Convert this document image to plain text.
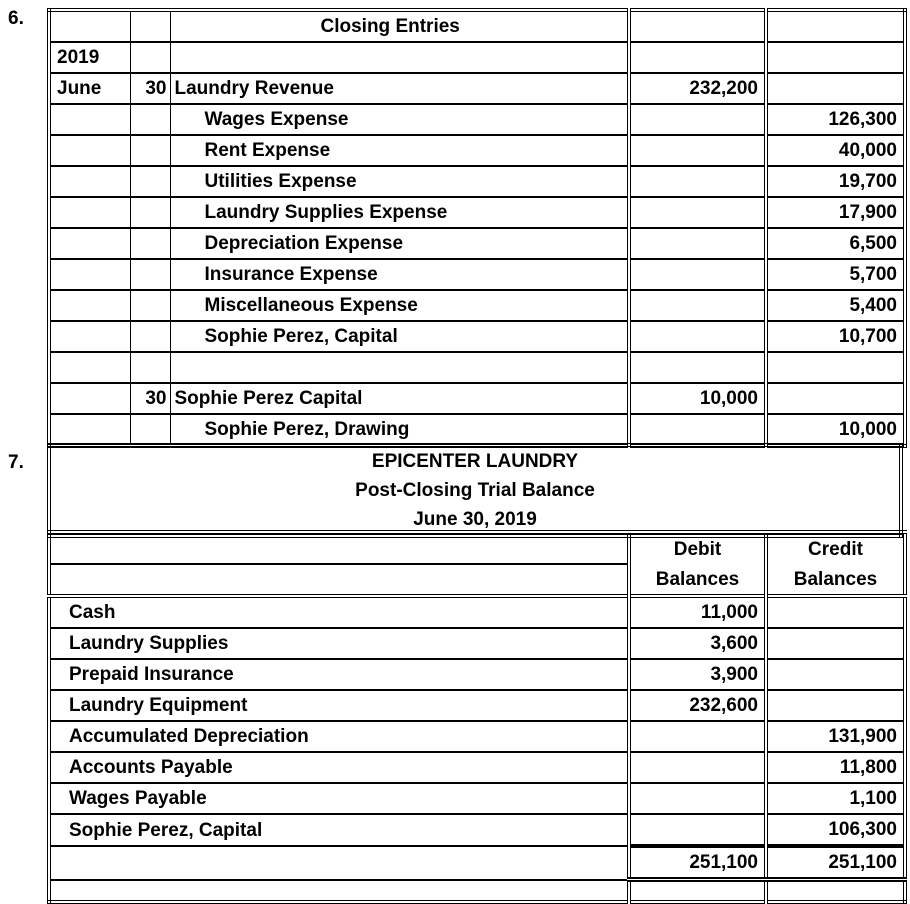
6.
			Closing Entries		
2019				
June	30	Laundry Revenue	232,200	
		Wages Expense		126,300
		Rent Expense		40,000
		Utilities Expense		19,700
		Laundry Supplies Expense		17,900
		Depreciation Expense		6,500
		Insurance Expense		5,700
		Miscellaneous Expense		5,400
		Sophie Perez, Capital		10,700

	30	Sophie Perez Capital	10,000	
		Sophie Perez, Drawing		10,000
7.	EPICENTER LAUNDRY
Post-Closing Trial Balance
June 30, 2019
	Debit	Credit
	Balances	Balances
Cash	11,000	
Laundry Supplies	3,600	
Prepaid Insurance	3,900	
Laundry Equipment	232,600	
Accumulated Depreciation		131,900
Accounts Payable		11,800
Wages Payable		1,100
Sophie Perez, Capital		106,300
	251,100	251,100
